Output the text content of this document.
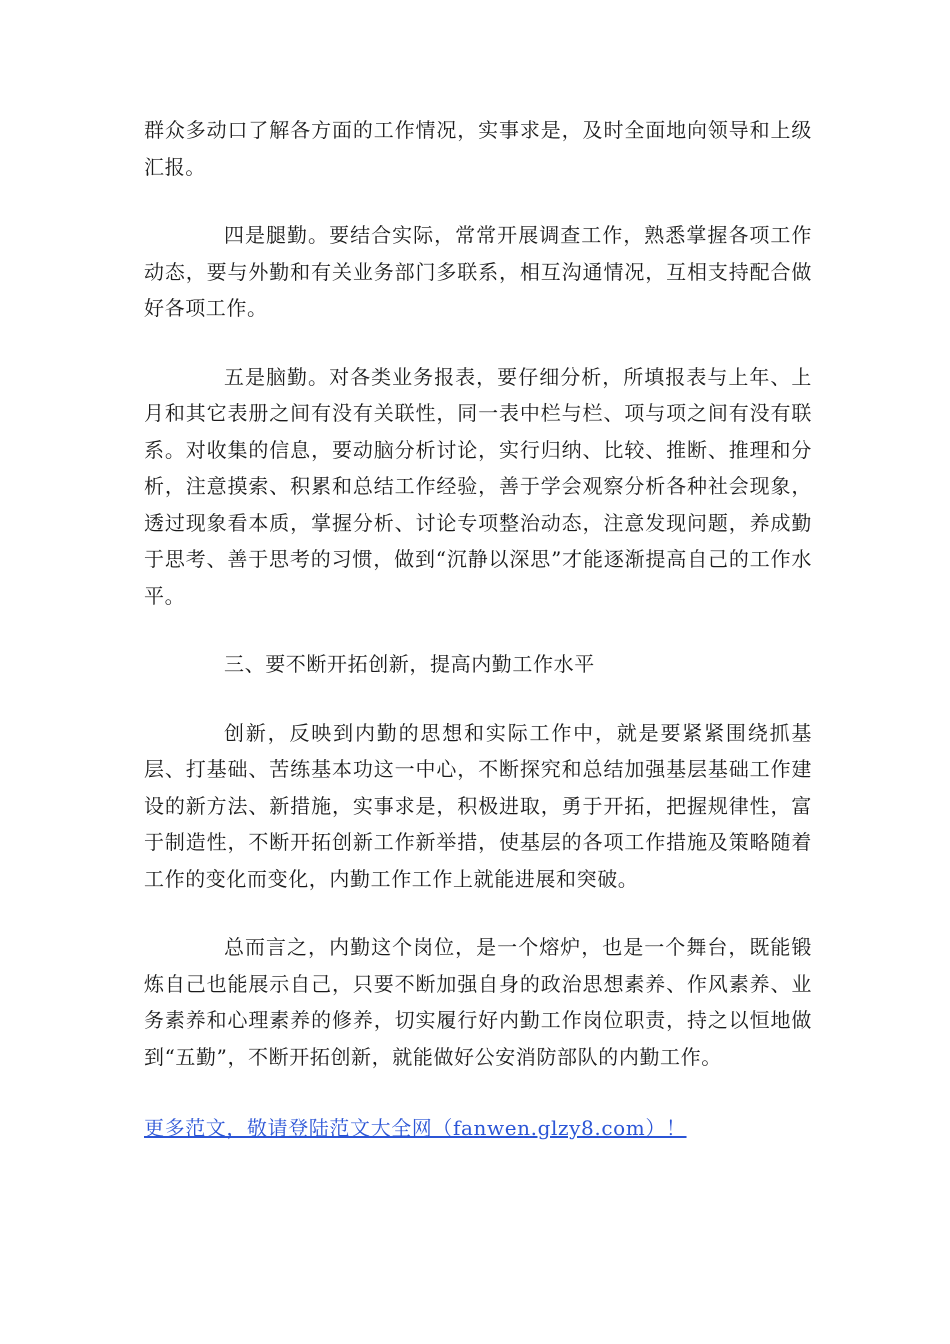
群众多动口了解各方面的工作情况，实事求是，及时全面地向领导和上级汇报。

四是腿勤。要结合实际，常常开展调查工作，熟悉掌握各项工作动态，要与外勤和有关业务部门多联系，相互沟通情况，互相支持配合做好各项工作。

五是脑勤。对各类业务报表，要仔细分析，所填报表与上年、上月和其它表册之间有没有关联性，同一表中栏与栏、项与项之间有没有联系。对收集的信息，要动脑分析讨论，实行归纳、比较、推断、推理和分析，注意摸索、积累和总结工作经验，善于学会观察分析各种社会现象，透过现象看本质，掌握分析、讨论专项整治动态，注意发现问题，养成勤于思考、善于思考的习惯，做到“沉静以深思”才能逐渐提高自己的工作水平。

三、要不断开拓创新，提高内勤工作水平

创新，反映到内勤的思想和实际工作中，就是要紧紧围绕抓基层、打基础、苦练基本功这一中心，不断探究和总结加强基层基础工作建设的新方法、新措施，实事求是，积极进取，勇于开拓，把握规律性，富于制造性，不断开拓创新工作新举措，使基层的各项工作措施及策略随着工作的变化而变化，内勤工作工作上就能进展和突破。

总而言之，内勤这个岗位，是一个熔炉，也是一个舞台，既能锻炼自己也能展示自己，只要不断加强自身的政治思想素养、作风素养、业务素养和心理素养的修养，切实履行好内勤工作岗位职责，持之以恒地做到“五勤”，不断开拓创新，就能做好公安消防部队的内勤工作。

更多范文，敬请登陆范文大全网（fanwen.glzy8.com）！
